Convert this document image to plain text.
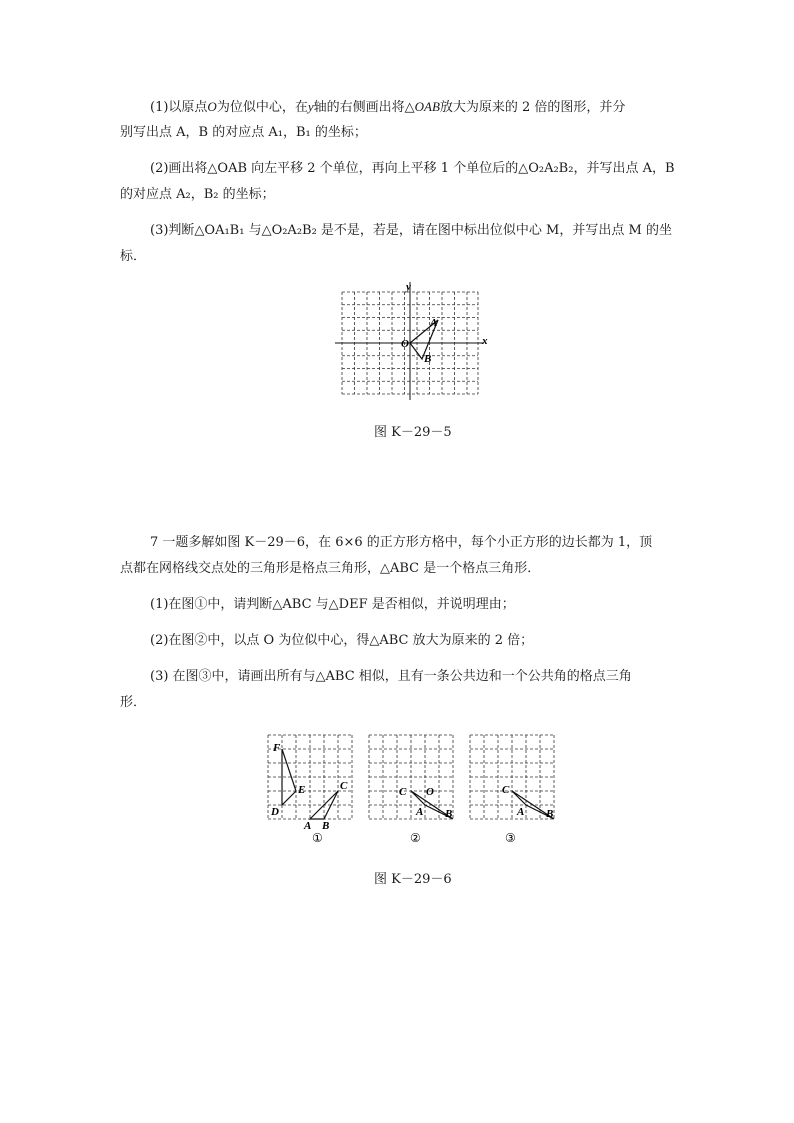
(1)以原点O为位似中心，在y轴的右侧画出将△OAB放大为原来的 2 倍的图形，并分
别写出点 A，B 的对应点 A₁，B₁ 的坐标；
(2)画出将△OAB 向左平移 2 个单位，再向上平移 1 个单位后的△O₂A₂B₂，并写出点 A，B
的对应点 A₂，B₂ 的坐标；
(3)判断△OA₁B₁ 与△O₂A₂B₂ 是不是，若是，请在图中标出位似中心 M，并写出点 M 的坐
标．
y
x
A
O
B
图 K－29－5
7 一题多解如图 K－29－6，在 6×6 的正方形方格中，每个小正方形的边长都为 1，顶
点都在网格线交点处的三角形是格点三角形，△ABC 是一个格点三角形．
(1)在图①中，请判断△ABC 与△DEF 是否相似，并说明理由；
(2)在图②中，以点 O 为位似中心，得△ABC 放大为原来的 2 倍；
(3) 在图③中，请画出所有与△ABC 相似，且有一条公共边和一个公共角的格点三角
形．
F
E	C
D
A B
①
C O
A B
②
C
A B
③
图 K－29－6
